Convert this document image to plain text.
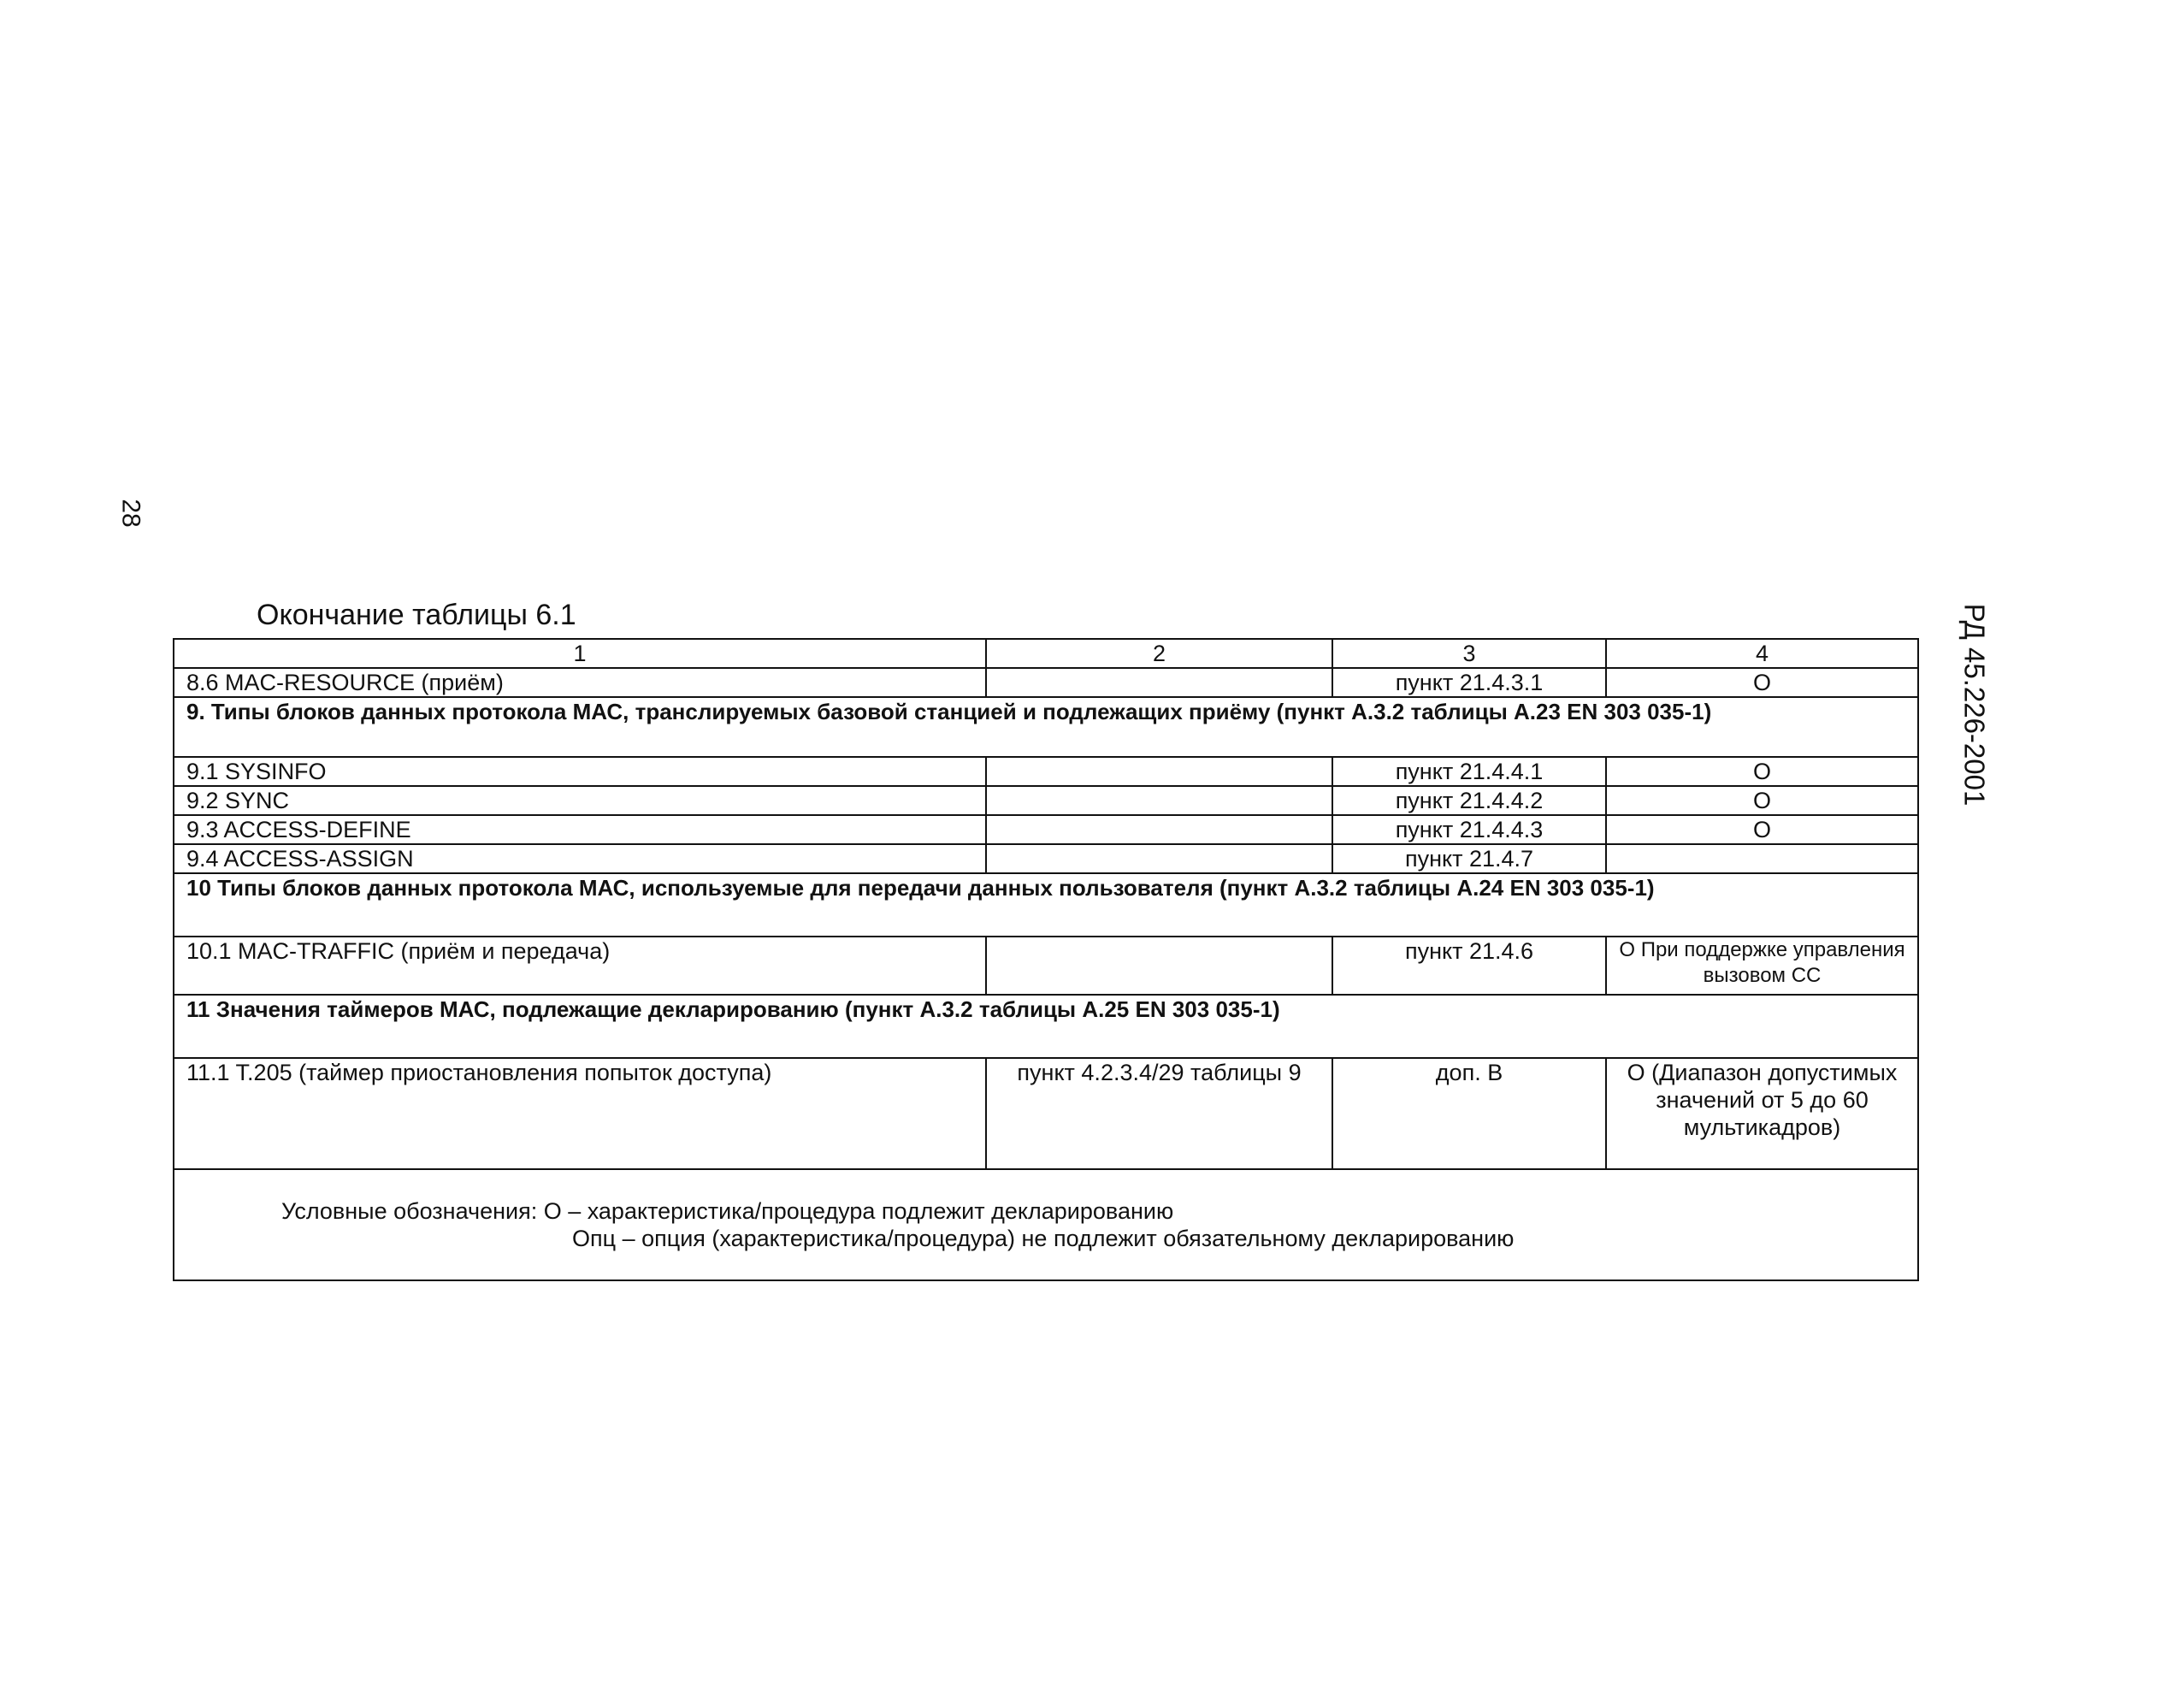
28
РД 45.226-2001
Окончание таблицы 6.1
1	2	3	4
8.6 MAC-RESOURCE (приём)		пункт 21.4.3.1	O
9. Типы блоков данных протокола МАС, транслируемых базовой станцией и подлежащих приёму (пункт А.3.2 таблицы А.23 EN 303 035-1)			
9.1 SYSINFO		пункт 21.4.4.1	O
9.2 SYNC		пункт 21.4.4.2	O
9.3 ACCESS-DEFINE		пункт 21.4.4.3	O
9.4 ACCESS-ASSIGN		пункт 21.4.7	
10 Типы блоков данных протокола МАС, используемые для передачи данных пользователя (пункт А.3.2 таблицы А.24 EN 303 035-1)			
10.1 MAC-TRAFFIC (приём и передача)		пункт 21.4.6	O При поддержке управления вызовом CC
11 Значения таймеров МАС, подлежащие декларированию (пункт А.3.2 таблицы А.25 EN 303 035-1)			
11.1 T.205 (таймер приостановления попыток доступа)	пункт 4.2.3.4/29 таблицы 9	доп. В	O (Диапазон допустимых значений от 5 до 60 мультикадров)

Условные обозначения: О – характеристика/процедура подлежит декларированию
Опц – опция (характеристика/процедура) не подлежит обязательному декларированию			
